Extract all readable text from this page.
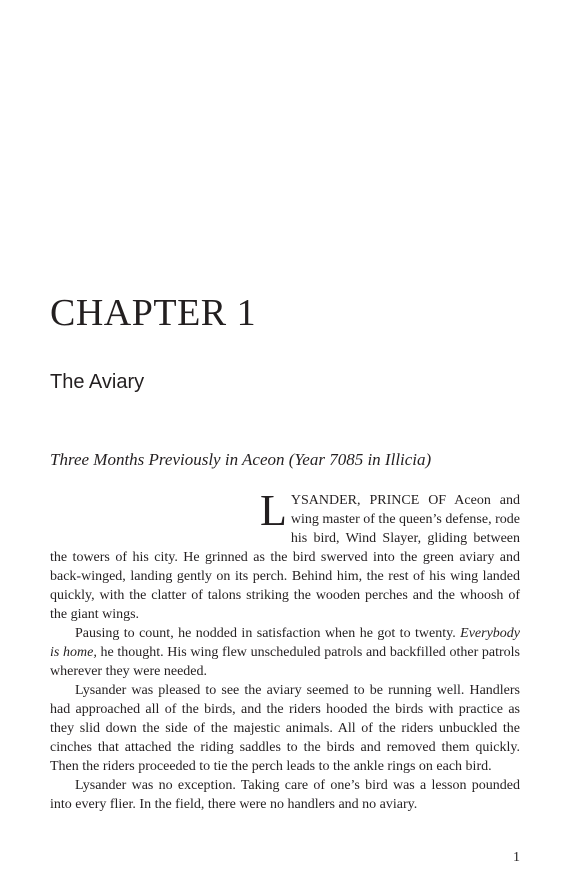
CHAPTER 1
The Aviary
Three Months Previously in Aceon (Year 7085 in Illicia)

L YSANDER, PRINCE OF Aceon and wing master of the queen’s defense, rode his bird, Wind Slayer, gliding between the towers of his city. He grinned as the bird swerved into the green aviary and back-winged, landing gently on its perch. Behind him, the rest of his wing landed quickly, with the clatter of talons striking the wooden perches and the whoosh of the giant wings.

Pausing to count, he nodded in satisfaction when he got to twenty. Everybody is home, he thought. His wing flew unscheduled patrols and backfilled other patrols wherever they were needed.

Lysander was pleased to see the aviary seemed to be running well. Handlers had approached all of the birds, and the riders hooded the birds with practice as they slid down the side of the majestic animals. All of the riders unbuckled the cinches that attached the riding saddles to the birds and removed them quickly. Then the riders proceeded to tie the perch leads to the ankle rings on each bird.

Lysander was no exception. Taking care of one’s bird was a lesson pounded into every flier. In the field, there were no handlers and no aviary.

1
